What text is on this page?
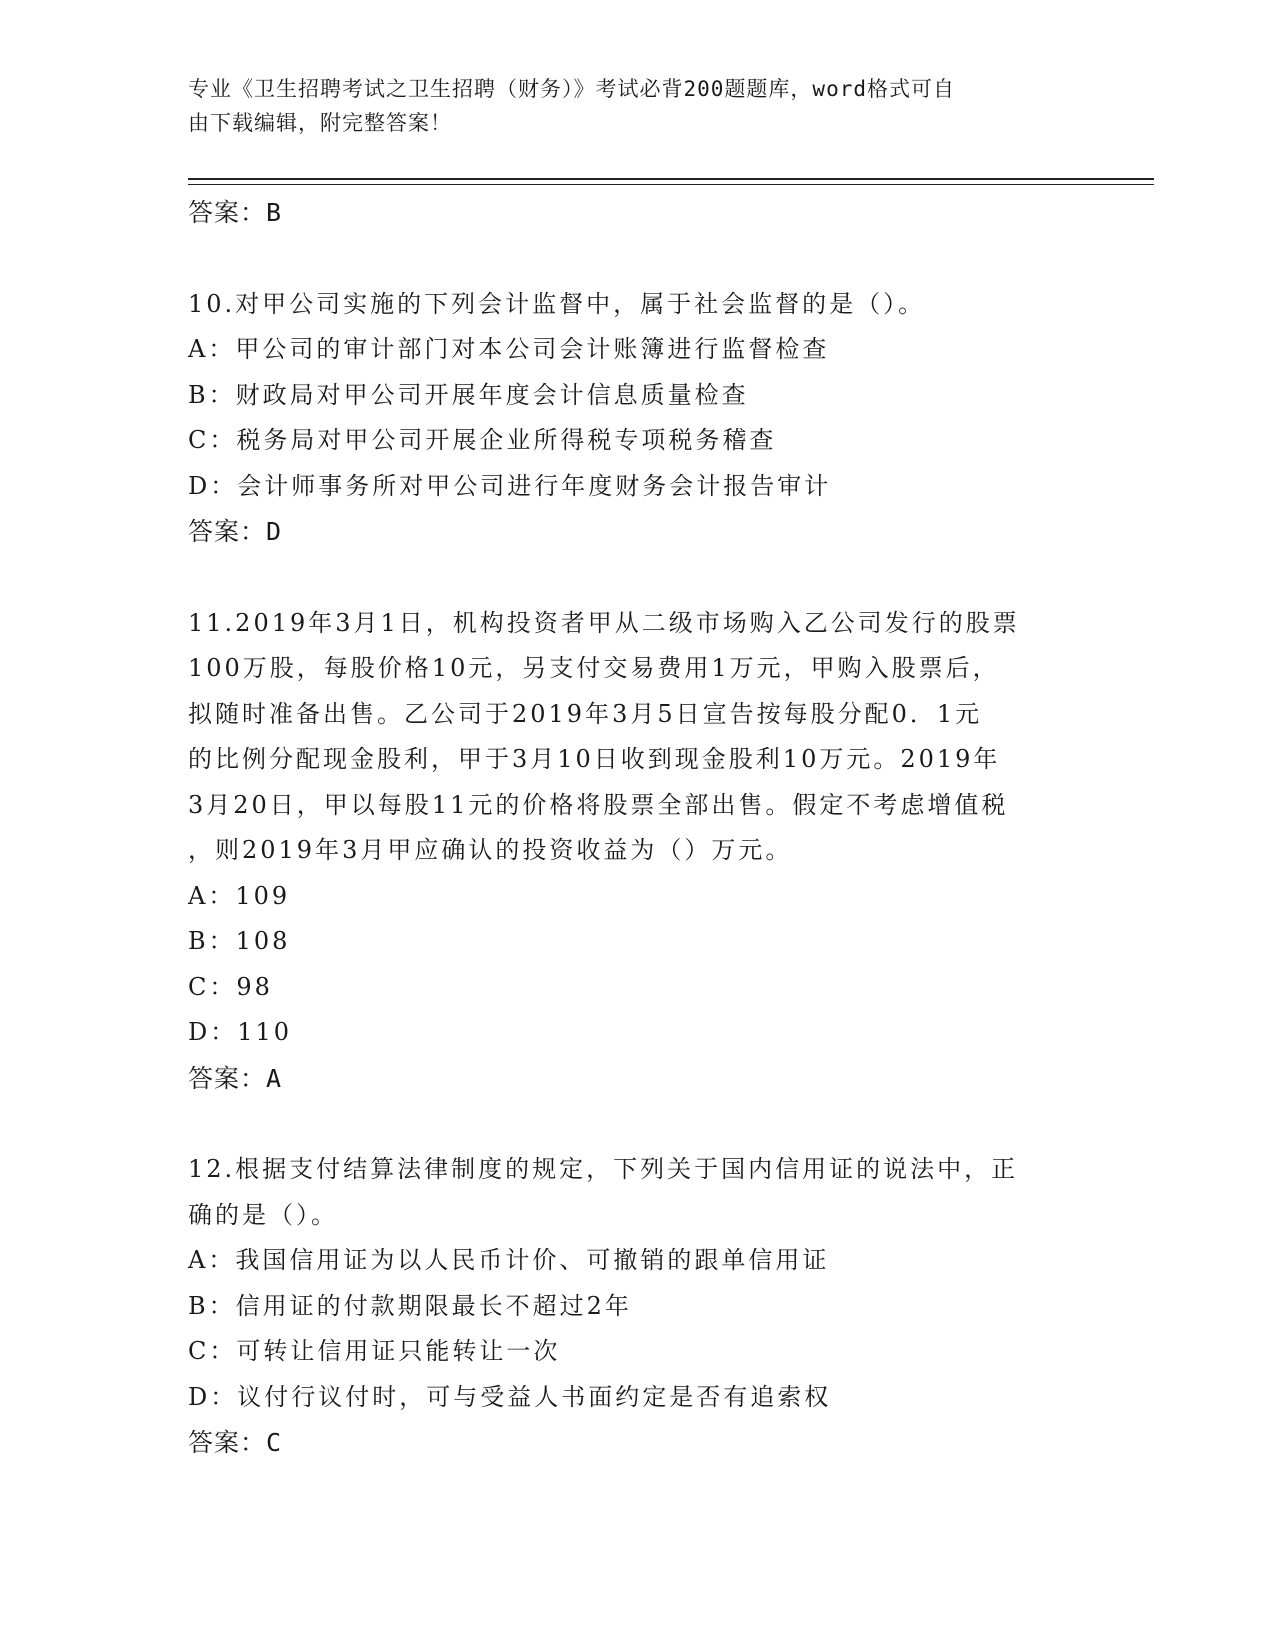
专业《卫生招聘考试之卫生招聘（财务）》考试必背200题题库，word格式可自
由下载编辑，附完整答案！
答案：B
10.对甲公司实施的下列会计监督中，属于社会监督的是（）。
A：甲公司的审计部门对本公司会计账簿进行监督检查
B：财政局对甲公司开展年度会计信息质量检查
C：税务局对甲公司开展企业所得税专项税务稽查
D：会计师事务所对甲公司进行年度财务会计报告审计
答案：D
11.2019年3月1日，机构投资者甲从二级市场购入乙公司发行的股票
100万股，每股价格10元，另支付交易费用1万元，甲购入股票后，
拟随时准备出售。乙公司于2019年3月5日宣告按每股分配0．1元
的比例分配现金股利，甲于3月10日收到现金股利10万元。2019年
3月20日，甲以每股11元的价格将股票全部出售。假定不考虑增值税
，则2019年3月甲应确认的投资收益为（）万元。
A：109
B：108
C：98
D：110
答案：A
12.根据支付结算法律制度的规定，下列关于国内信用证的说法中，正
确的是（）。
A：我国信用证为以人民币计价、可撤销的跟单信用证
B：信用证的付款期限最长不超过2年
C：可转让信用证只能转让一次
D：议付行议付时，可与受益人书面约定是否有追索权
答案：C
